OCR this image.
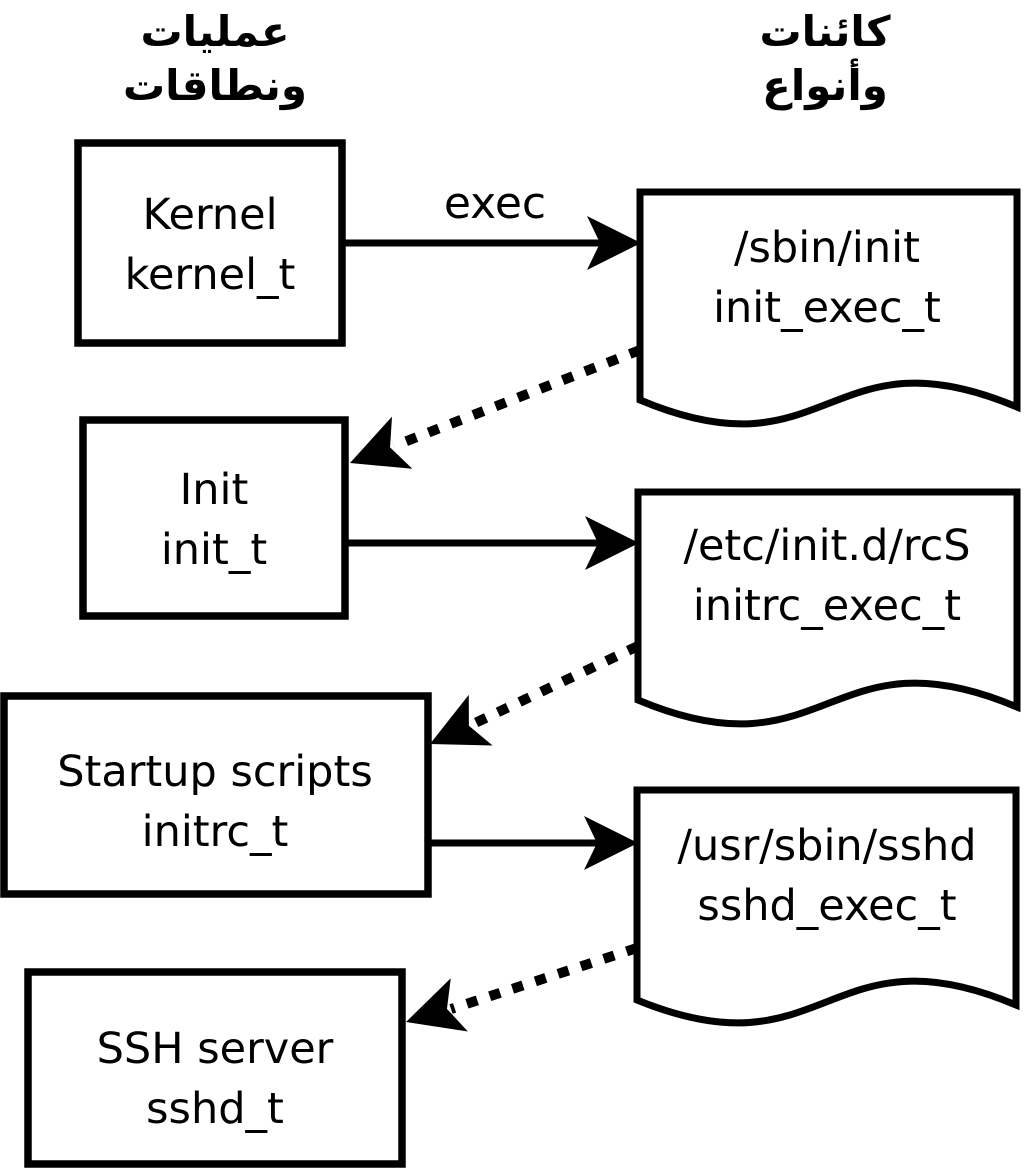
عمليات
ونطاقات
كائنات
وأنواع
exec
Kernel
kernel_t
Init
init_t
Startup scripts
initrc_t
SSH server
sshd_t
/sbin/init
init_exec_t
/etc/init.d/rcS
initrc_exec_t
/usr/sbin/sshd
sshd_exec_t
